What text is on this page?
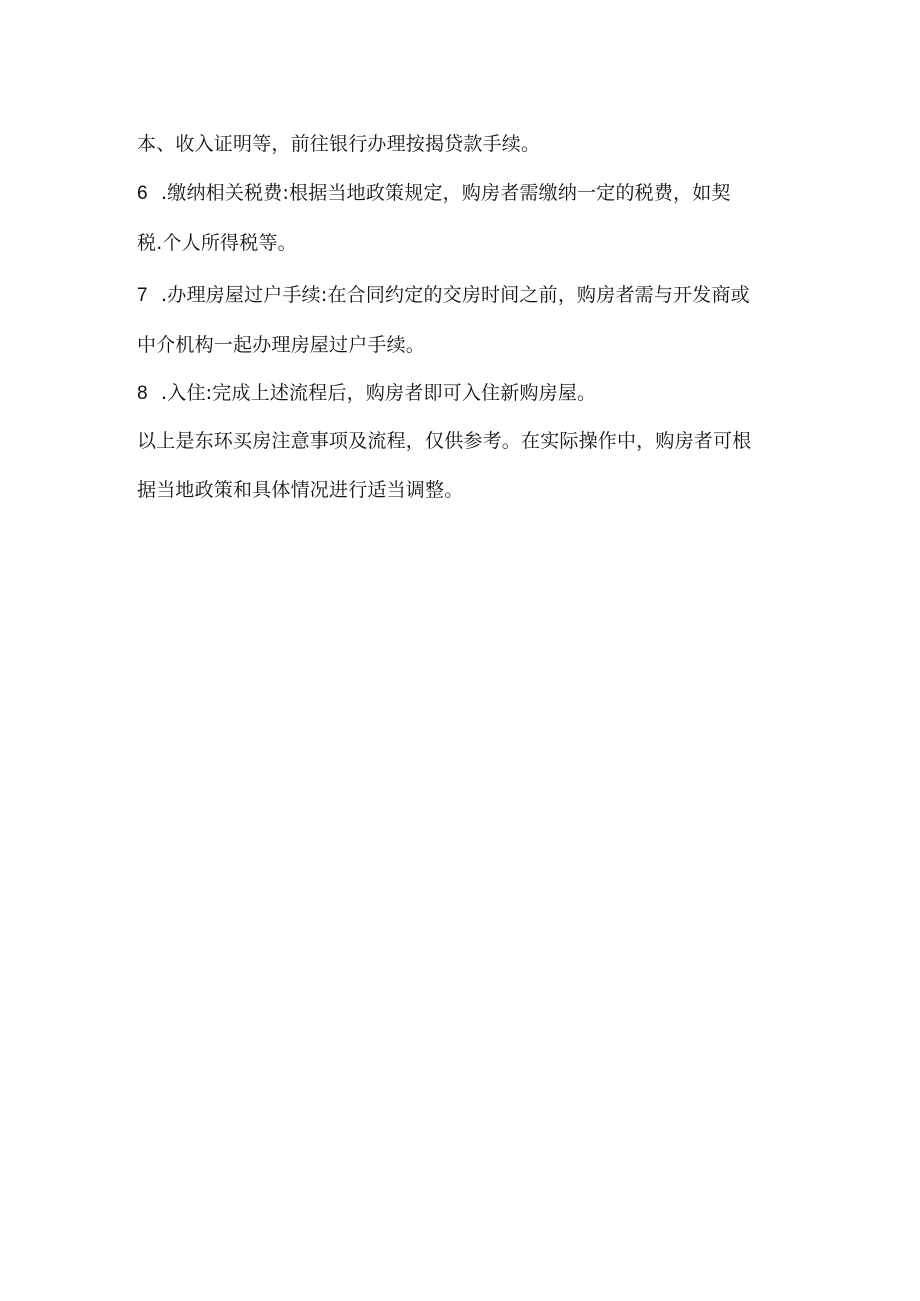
本、收入证明等，前往银行办理按揭贷款手续。
6 .缴纳相关税费:根据当地政策规定，购房者需缴纳一定的税费，如契
税.个人所得税等。
7 .办理房屋过户手续:在合同约定的交房时间之前，购房者需与开发商或
中介机构一起办理房屋过户手续。
8 .入住:完成上述流程后，购房者即可入住新购房屋。
以上是东环买房注意事项及流程，仅供参考。在实际操作中，购房者可根
据当地政策和具体情况进行适当调整。
